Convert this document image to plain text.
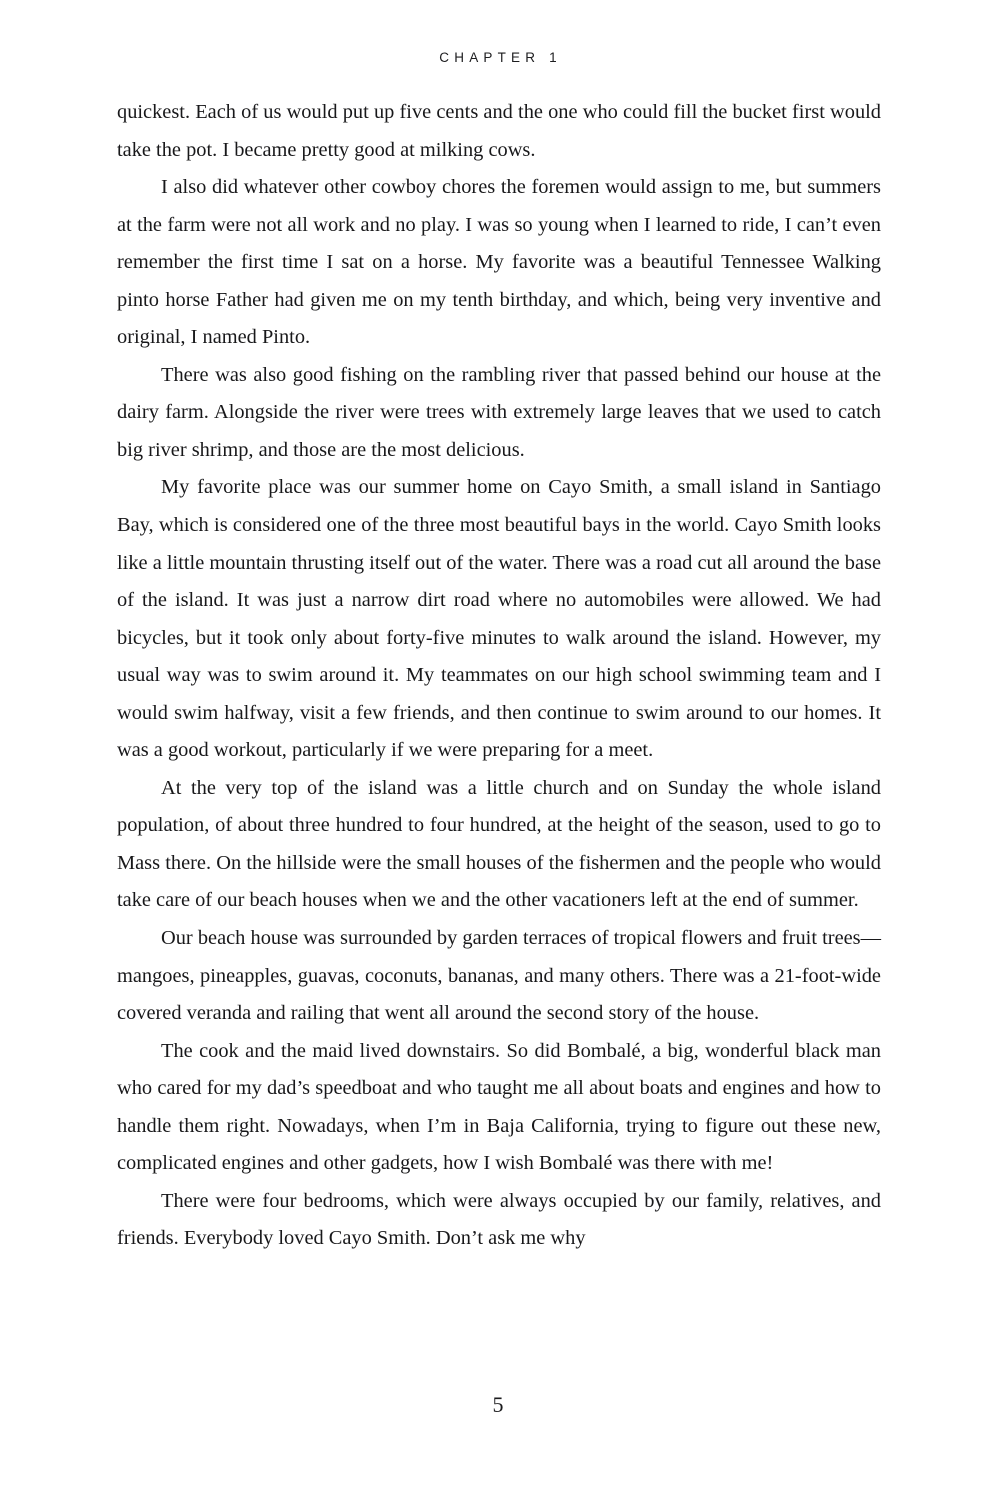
CHAPTER 1

quickest. Each of us would put up five cents and the one who could fill the bucket first would take the pot. I became pretty good at milking cows.

I also did whatever other cowboy chores the foremen would assign to me, but summers at the farm were not all work and no play. I was so young when I learned to ride, I can’t even remember the first time I sat on a horse. My favorite was a beautiful Tennessee Walking pinto horse Father had given me on my tenth birthday, and which, being very inventive and original, I named Pinto.

There was also good fishing on the rambling river that passed behind our house at the dairy farm. Alongside the river were trees with extremely large leaves that we used to catch big river shrimp, and those are the most delicious.

My favorite place was our summer home on Cayo Smith, a small island in Santiago Bay, which is considered one of the three most beautiful bays in the world. Cayo Smith looks like a little mountain thrusting itself out of the water. There was a road cut all around the base of the island. It was just a narrow dirt road where no automobiles were allowed. We had bicycles, but it took only about forty-five minutes to walk around the island. However, my usual way was to swim around it. My teammates on our high school swimming team and I would swim halfway, visit a few friends, and then continue to swim around to our homes. It was a good workout, particularly if we were preparing for a meet.

At the very top of the island was a little church and on Sunday the whole island population, of about three hundred to four hundred, at the height of the season, used to go to Mass there. On the hillside were the small houses of the fishermen and the people who would take care of our beach houses when we and the other vacationers left at the end of summer.

Our beach house was surrounded by garden terraces of tropical flowers and fruit trees—mangoes, pineapples, guavas, coconuts, bananas, and many others. There was a 21-foot-wide covered veranda and railing that went all around the second story of the house.

The cook and the maid lived downstairs. So did Bombalé, a big, wonderful black man who cared for my dad’s speedboat and who taught me all about boats and engines and how to handle them right. Nowadays, when I’m in Baja California, trying to figure out these new, complicated engines and other gadgets, how I wish Bombalé was there with me!

There were four bedrooms, which were always occupied by our family, relatives, and friends. Everybody loved Cayo Smith. Don’t ask me why

5
